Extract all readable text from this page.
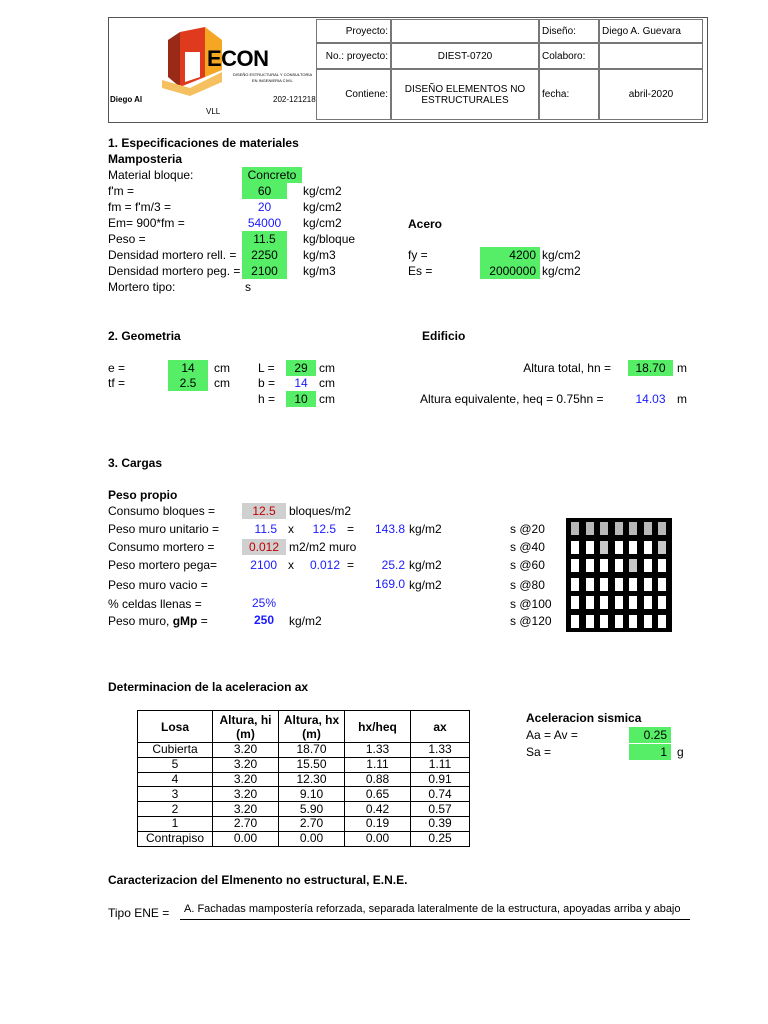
ECON
DISEÑO ESTRUCTURAL Y CONSULTORIA
EN INGENIERIA CIVIL
Diego Al	202-121218
VLL
Proyecto:
No.: proyecto:	DIEST-0720
Contiene: DISEÑO ELEMENTOS NO
ESTRUCTURALES
Diseño:	Diego A. Guevara
Colaboro:
fecha:	abril-2020
1. Especificaciones de materiales
Mamposteria
Material bloque:	Concreto
f'm =	60	kg/cm2
fm = f'm/3 =	20	kg/cm2
Em= 900*fm =	54000	kg/cm2
Peso =	11.5	kg/bloque
Densidad mortero rell. =	2250	kg/m3
Densidad mortero peg. = 2100	kg/m3
Mortero tipo:	s
Acero
fy =	4200 kg/cm2
Es =	2000000 kg/cm2
2. Geometria	Edificio
e =	14	cm
tf =	2.5	cm
L =	29 cm
b =	14 cm
h =	10 cm
Altura total, hn =	18.70 m
Altura equivalente, heq = 0.75hn =	14.03 m
3. Cargas
Peso propio
Consumo bloques =	12.5	bloques/m2
Peso muro unitario =	11.5 x	12.5 =	143.8 kg/m2
Consumo mortero =	0.012 m2/m2 muro
Peso mortero pega=	2100 x	0.012 =	25.2 kg/m2
Peso muro vacio =	169.0 kg/m2
% celdas llenas =	25%
Peso muro, gMp =	250	kg/m2
s @20
s @40
s @60
s @80
s @100
s @120
Determinacion de la aceleracion ax
Losa	Altura, hi (m)	Altura, hx (m)	hx/heq	ax
Cubierta	3.20	18.70	1.33	1.33
5	3.20	15.50	1.11	1.11
4	3.20	12.30	0.88	0.91
3	3.20	9.10	0.65	0.74
2	3.20	5.90	0.42	0.57
1	2.70	2.70	0.19	0.39
Contrapiso	0.00	0.00	0.00	0.25
Aceleracion sismica
Aa = Av =	0.25
Sa =	1 g
Caracterizacion del Elmenento no estructural, E.N.E.
Tipo ENE =	A. Fachadas mampostería reforzada, separada lateralmente de la estructura, apoyadas arriba y abajo
